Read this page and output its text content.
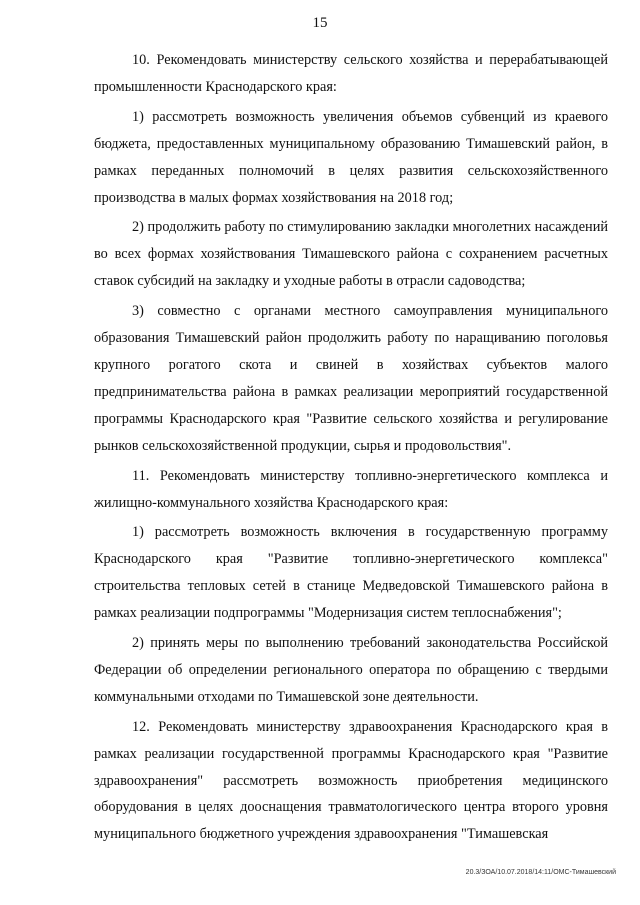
15

10. Рекомендовать министерству сельского хозяйства и перерабатывающей промышленности Краснодарского края:

1) рассмотреть возможность увеличения объемов субвенций из краевого бюджета, предоставленных муниципальному образованию Тимашевский район, в рамках переданных полномочий в целях развития сельскохозяйственного производства в малых формах хозяйствования на 2018 год;

2) продолжить работу по стимулированию закладки многолетних насаждений во всех формах хозяйствования Тимашевского района с сохранением расчетных ставок субсидий на закладку и уходные работы в отрасли садоводства;

3) совместно с органами местного самоуправления муниципального образования Тимашевский район продолжить работу по наращиванию поголовья крупного рогатого скота и свиней в хозяйствах субъектов малого предпринимательства района в рамках реализации мероприятий государственной программы Краснодарского края "Развитие сельского хозяйства и регулирование рынков сельскохозяйственной продукции, сырья и продовольствия".

11. Рекомендовать министерству топливно-энергетического комплекса и жилищно-коммунального хозяйства Краснодарского края:

1) рассмотреть возможность включения в государственную программу Краснодарского края "Развитие топливно-энергетического комплекса" строительства тепловых сетей в станице Медведовской Тимашевского района в рамках реализации подпрограммы "Модернизация систем теплоснабжения";

2) принять меры по выполнению требований законодательства Российской Федерации об определении регионального оператора по обращению с твердыми коммунальными отходами по Тимашевской зоне деятельности.

12. Рекомендовать министерству здравоохранения Краснодарского края в рамках реализации государственной программы Краснодарского края "Развитие здравоохранения" рассмотреть возможность приобретения медицинского оборудования в целях дооснащения травматологического центра второго уровня муниципального бюджетного учреждения здравоохранения "Тимашевская

20.3/ЗОА/10.07.2018/14:11/ОМС-Тимашевский
